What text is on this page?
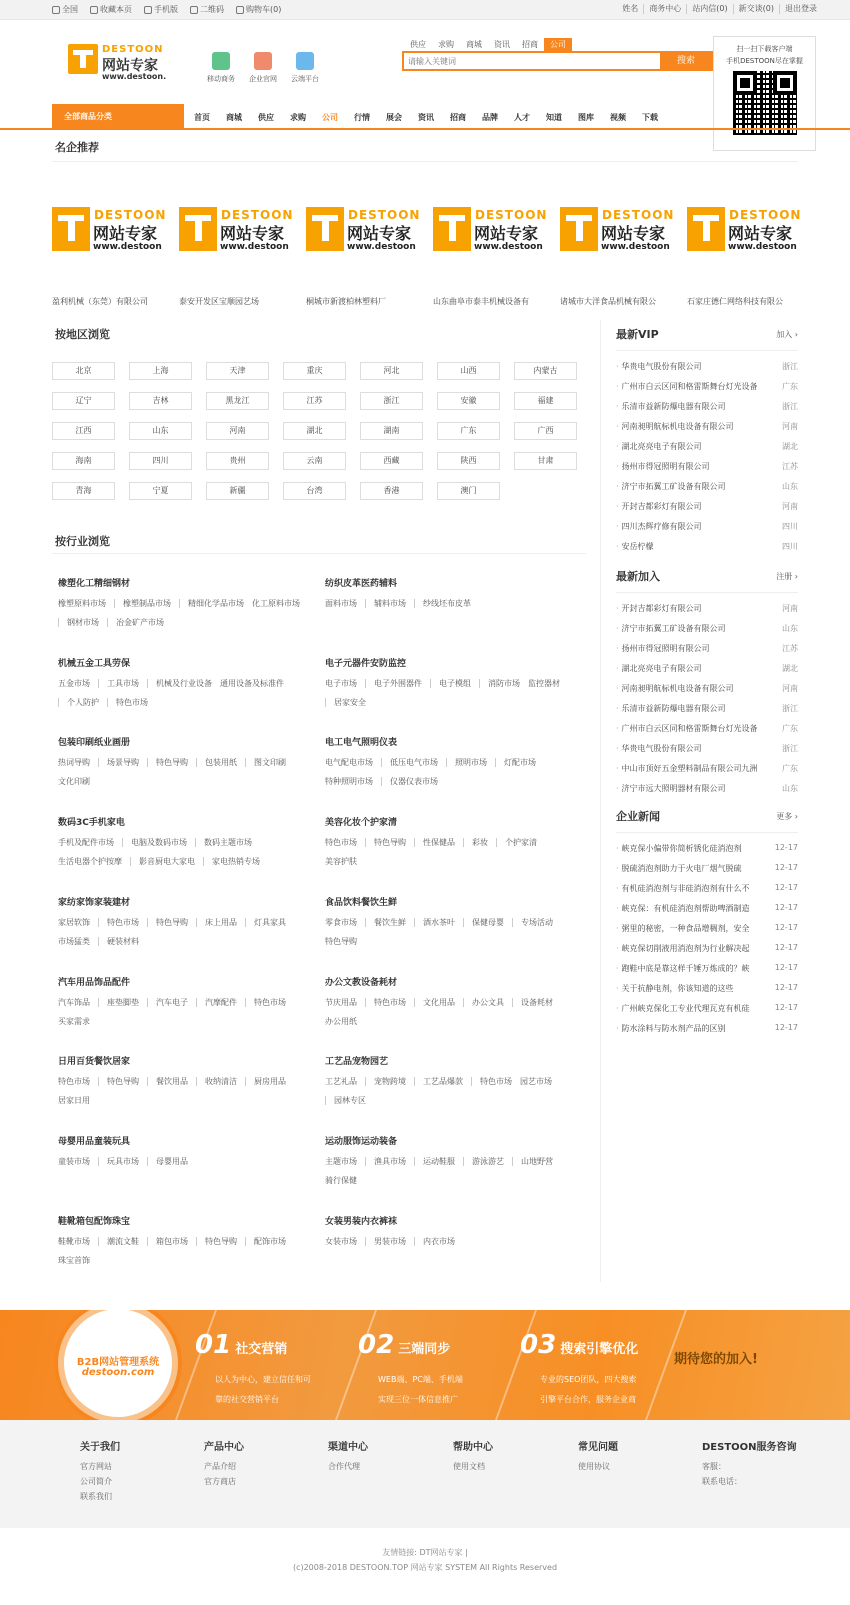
全国	收藏本页	手机版	二维码	购物车(0)	姓名	商务中心	站内信(0)	新交谈(0)	退出登录
DESTOON
网站专家
www.destoon.	移动商务 企业官网 云端平台
供应	求购	商城	资讯	招商	公司
请输入关键词
搜索
扫一扫下载客户端
手机DESTOON尽在掌握
全部商品分类	首页	商城	供应	求购	公司	行情	展会	资讯	招商	品牌	人才	知道	图库	视频	下载
名企推荐
DESTOON
网站专家
www.destoon
DESTOON
网站专家
www.destoon
DESTOON
网站专家
www.destoon
DESTOON
网站专家
www.destoon
DESTOON
网站专家
www.destoon
DESTOON
网站专家
www.destoon
盈利机械（东莞）有限公司	泰安开发区宝顺园艺场	桐城市新渡柏林塑料厂	山东曲阜市泰丰机械设备有	诸城市大洋食品机械有限公	石家庄德仁网络科技有限公
按地区浏览
北京	上海	天津	重庆	河北	山西	内蒙古
辽宁	吉林	黑龙江	江苏	浙江	安徽	福建
江西	山东	河南	湖北	湖南	广东	广西
海南	四川	贵州	云南	西藏	陕西	甘肃
青海	宁夏	新疆	台湾	香港	澳门
按行业浏览
橡塑化工精细钢材
橡塑原料市场	橡塑制品市场	精细化学品市场	化工原料市场
钢材市场	冶金矿产市场
纺织皮革医药辅料
面料市场	辅料市场	纱线坯布皮革
机械五金工具劳保
五金市场	工具市场	机械及行业设备	通用设备及标准件
个人防护	特色市场
电子元器件安防监控
电子市场	电子外围器件	电子模组	消防市场	监控器材
居家安全
包装印刷纸业画册
热词导购	场景导购	特色导购	包装用纸	图文印刷
文化印刷
电工电气照明仪表
电气配电市场	低压电气市场	照明市场	灯配市场
特种照明市场	仪器仪表市场
数码3C手机家电
手机及配件市场	电脑及数码市场	数码主题市场
生活电器个护按摩	影音厨电大家电	家电热销专场
美容化妆个护家清
特色市场	特色导购	性保健品	彩妆	个护家清
美容护肤
家纺家饰家装建材
家居软饰	特色市场	特色导购	床上用品	灯具家具
市场猛类	硬装材料
食品饮料餐饮生鲜
零食市场	餐饮生鲜	酒水茶叶	保健母婴	专场活动
特色导购
汽车用品饰品配件
汽车饰品	座垫脚垫	汽车电子	汽摩配件	特色市场
买家需求
办公文教设备耗材
节庆用品	特色市场	文化用品	办公文具	设备耗材
办公用纸
日用百货餐饮居家
特色市场	特色导购	餐饮用品	收纳清洁	厨房用品
居家日用
工艺品宠物园艺
工艺礼品	宠物跨境	工艺品爆款	特色市场	园艺市场
园林专区
母婴用品童装玩具
童装市场	玩具市场	母婴用品
运动服饰运动装备
主题市场	渔具市场	运动鞋服	游泳游艺	山地野营
骑行保健
鞋靴箱包配饰珠宝
鞋靴市场	潮流文鞋	箱包市场	特色导购	配饰市场
珠宝首饰
女装男装内衣裤袜
女装市场	男装市场	内衣市场
最新VIP	加入 ›
· 华贵电气股份有限公司	浙江
· 广州市白云区同和格雷斯舞台灯光设备	广东
· 乐清市益新防爆电器有限公司	浙江
· 河南昶明航标机电设备有限公司	河南
· 湖北亮亮电子有限公司	湖北
· 扬州市得冠照明有限公司	江苏
· 济宁市拓翼工矿设备有限公司	山东
· 开封吉都彩灯有限公司	河南
· 四川杰辉疗修有限公司	四川
· 安岳柠檬	四川
最新加入	注册 ›
· 开封吉都彩灯有限公司	河南
· 济宁市拓翼工矿设备有限公司	山东
· 扬州市得冠照明有限公司	江苏
· 湖北亮亮电子有限公司	湖北
· 河南昶明航标机电设备有限公司	河南
· 乐清市益新防爆电器有限公司	浙江
· 广州市白云区同和格雷斯舞台灯光设备	广东
· 华贵电气股份有限公司	浙江
· 中山市顶好五金塑料制品有限公司九洲	广东
· 济宁市远大照明器材有限公司	山东
企业新闻	更多 ›
· 峡克保小偏带你简析锈化硅消泡剂	12-17
· 脱硫消泡剂助力于火电厂烟气脱硫	12-17
· 有机硅消泡剂与非硅消泡剂有什么不	12-17
· 峡克保：有机硅消泡剂帮助啤酒制造	12-17
· 粥里的秘密，一种食品增稠剂，安全	12-17
· 峡克保切削液用消泡剂为行业解决起	12-17
· 跑鞋中底是靠这样千锤万炼成的？峡	12-17
· 关于抗静电剂，你该知道的这些	12-17
· 广州峡克保化工专业代理瓦克有机硅	12-17
· 防水涂料与防水剂产品的区别	12-17
B2B网站管理系统
destoon.com
01 社交营销
以人为中心，建立信任和可
靠的社交营销平台
02 三端同步
WEB端、PC端、手机端
实现三位一体信息推广
03 搜索引擎优化
专业的SEO团队，四大搜索
引擎平台合作，服务企业商
期待您的加入!
关于我们
官方网站
公司简介
联系我们
产品中心
产品介绍
官方商店
渠道中心
合作代理
帮助中心
使用文档
常见问题
使用协议
DESTOON服务咨询
客服：
联系电话：
友情链接: DT网站专家 |
(c)2008-2018 DESTOON.TOP 网站专家 SYSTEM All Rights Reserved
